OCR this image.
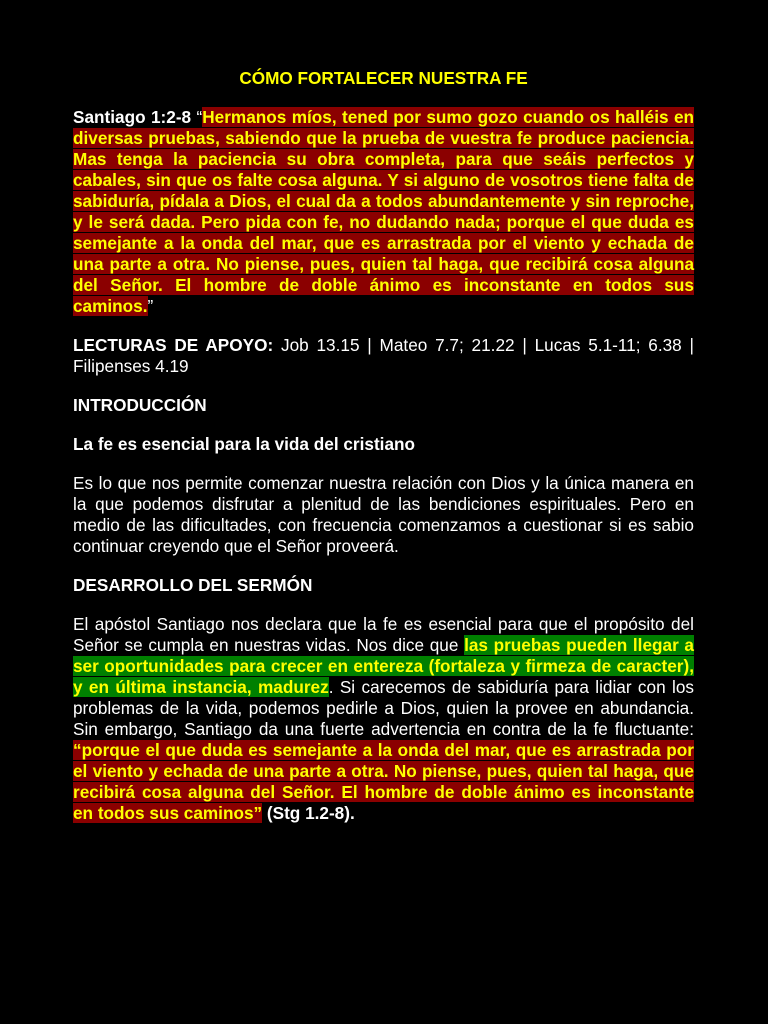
CÓMO FORTALECER NUESTRA FE
Santiago 1:2-8 “Hermanos míos, tened por sumo gozo cuando os halléis en diversas pruebas, sabiendo que la prueba de vuestra fe produce paciencia. Mas tenga la paciencia su obra completa, para que seáis perfectos y cabales, sin que os falte cosa alguna. Y si alguno de vosotros tiene falta de sabiduría, pídala a Dios, el cual da a todos abundantemente y sin reproche, y le será dada. Pero pida con fe, no dudando nada; porque el que duda es semejante a la onda del mar, que es arrastrada por el viento y echada de una parte a otra. No piense, pues, quien tal haga, que recibirá cosa alguna del Señor. El hombre de doble ánimo es inconstante en todos sus caminos.”
LECTURAS DE APOYO: Job 13.15 | Mateo 7.7; 21.22 | Lucas 5.1-11; 6.38 | Filipenses 4.19
INTRODUCCIÓN
La fe es esencial para la vida del cristiano
Es lo que nos permite comenzar nuestra relación con Dios y la única manera en la que podemos disfrutar a plenitud de las bendiciones espirituales. Pero en medio de las dificultades, con frecuencia comenzamos a cuestionar si es sabio continuar creyendo que el Señor proveerá.
DESARROLLO DEL SERMÓN
El apóstol Santiago nos declara que la fe es esencial para que el propósito del Señor se cumpla en nuestras vidas. Nos dice que las pruebas pueden llegar a ser oportunidades para crecer en entereza (fortaleza y firmeza de caracter), y en última instancia, madurez. Si carecemos de sabiduría para lidiar con los problemas de la vida, podemos pedirle a Dios, quien la provee en abundancia. Sin embargo, Santiago da una fuerte advertencia en contra de la fe fluctuante: “porque el que duda es semejante a la onda del mar, que es arrastrada por el viento y echada de una parte a otra. No piense, pues, quien tal haga, que recibirá cosa alguna del Señor. El hombre de doble ánimo es inconstante en todos sus caminos” (Stg 1.2-8).
